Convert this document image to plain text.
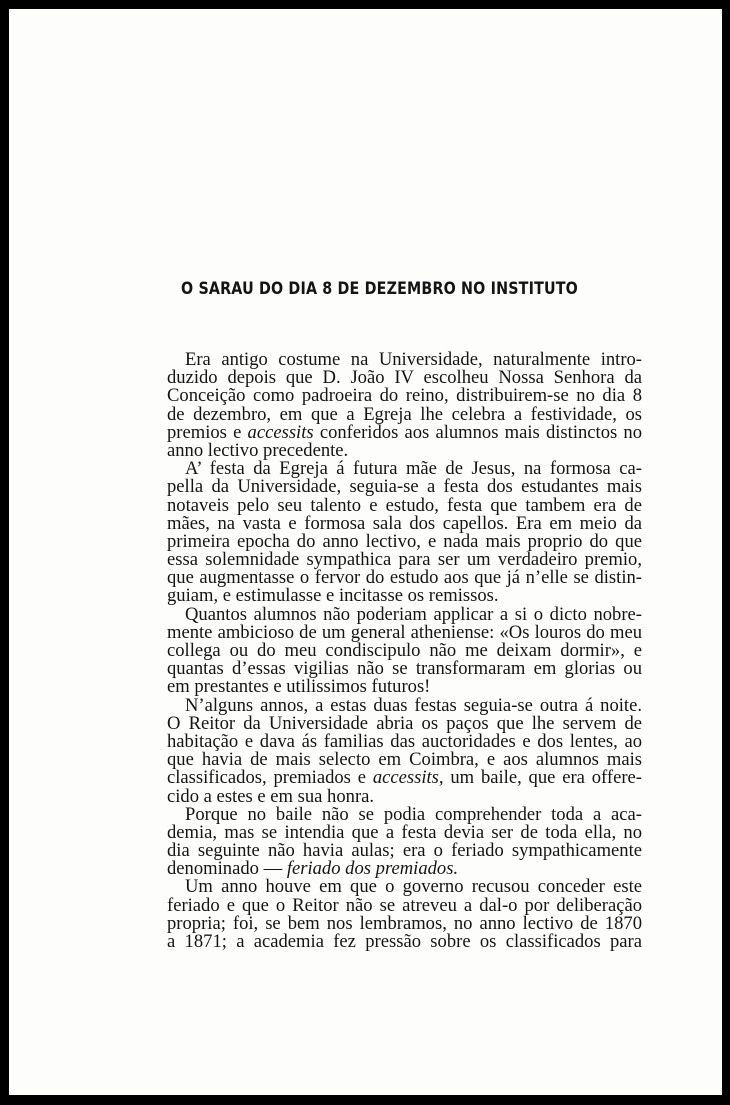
O SARAU DO DIA 8 DE DEZEMBRO NO INSTITUTO
Era antigo costume na Universidade, naturalmente intro-
duzido depois que D. João IV escolheu Nossa Senhora da
Conceição como padroeira do reino, distribuirem-se no dia 8
de dezembro, em que a Egreja lhe celebra a festividade, os
premios e accessits conferidos aos alumnos mais distinctos no
anno lectivo precedente.
A’ festa da Egreja á futura mãe de Jesus, na formosa ca-
pella da Universidade, seguia-se a festa dos estudantes mais
notaveis pelo seu talento e estudo, festa que tambem era de
mães, na vasta e formosa sala dos capellos. Era em meio da
primeira epocha do anno lectivo, e nada mais proprio do que
essa solemnidade sympathica para ser um verdadeiro premio,
que augmentasse o fervor do estudo aos que já n’elle se distin-
guiam, e estimulasse e incitasse os remissos.
Quantos alumnos não poderiam applicar a si o dicto nobre-
mente ambicioso de um general atheniense: «Os louros do meu
collega ou do meu condiscipulo não me deixam dormir», e
quantas d’essas vigilias não se transformaram em glorias ou
em prestantes e utilissimos futuros!
N’alguns annos, a estas duas festas seguia-se outra á noite.
O Reitor da Universidade abria os paços que lhe servem de
habitação e dava ás familias das auctoridades e dos lentes, ao
que havia de mais selecto em Coimbra, e aos alumnos mais
classificados, premiados e accessits, um baile, que era offere-
cido a estes e em sua honra.
Porque no baile não se podia comprehender toda a aca-
demia, mas se intendia que a festa devia ser de toda ella, no
dia seguinte não havia aulas; era o feriado sympathicamente
denominado — feriado dos premiados.
Um anno houve em que o governo recusou conceder este
feriado e que o Reitor não se atreveu a dal-o por deliberação
propria; foi, se bem nos lembramos, no anno lectivo de 1870
a 1871; a academia fez pressão sobre os classificados para
